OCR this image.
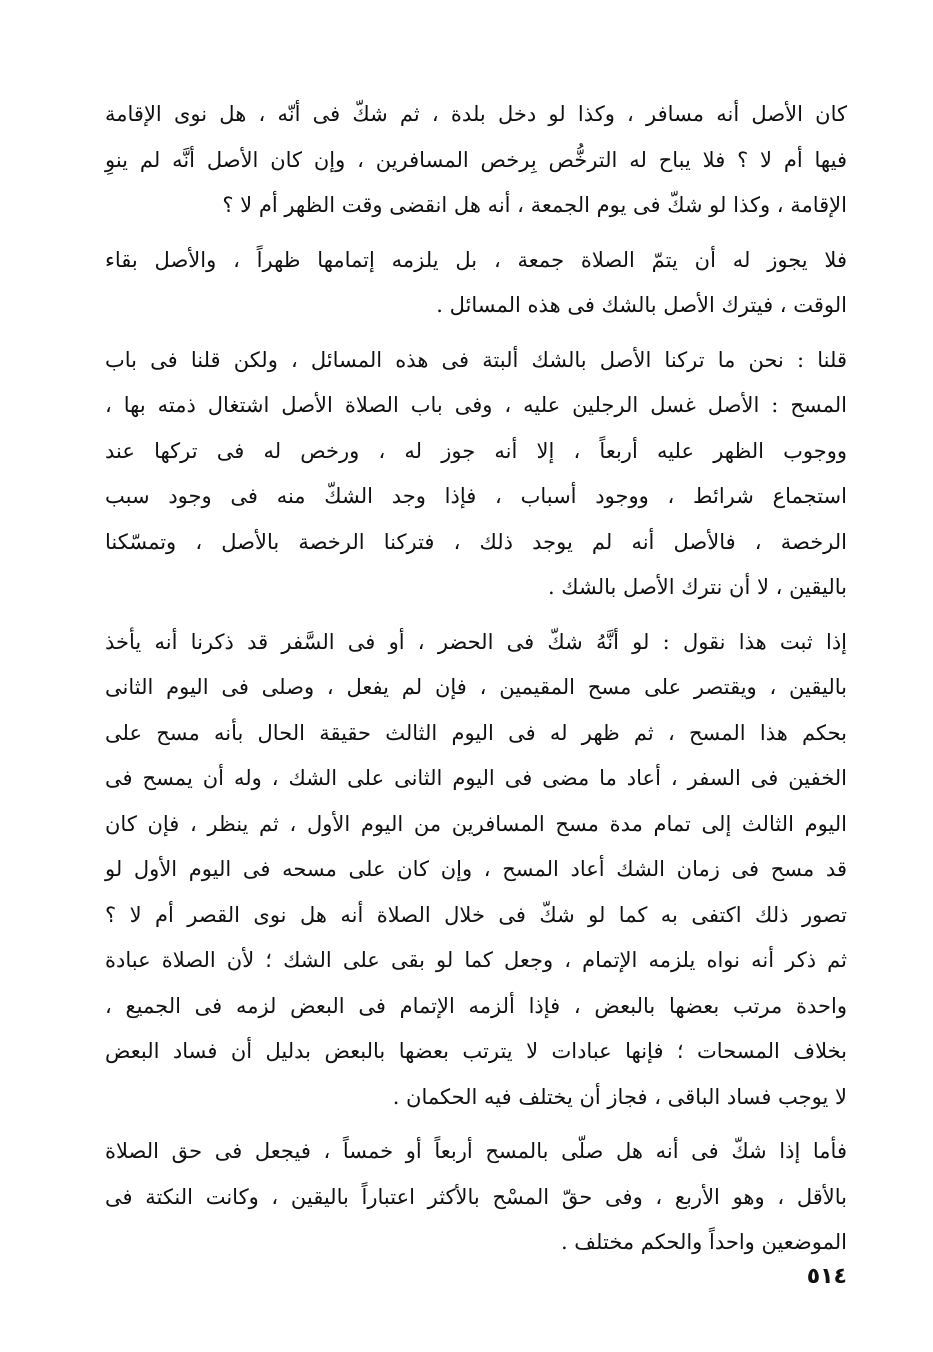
كان الأصل أنه مسافر ، وكذا لو دخل بلدة ، ثم شكّ فى أنّه ، هل نوى الإقامة
فيها أم لا ؟ فلا يباح له الترخُّص بِرخص المسافرين ، وإن كان الأصل أنَّه لم ينوِ
الإقامة ، وكذا لو شكّ فى يوم الجمعة ، أنه هل انقضى وقت الظهر أم لا ؟
فلا يجوز له أن يتمّ الصلاة جمعة ، بل يلزمه إتمامها ظهراً ، والأصل بقاء
الوقت ، فيترك الأصل بالشك فى هذه المسائل .
قلنا : نحن ما تركنا الأصل بالشك ألبتة فى هذه المسائل ، ولكن قلنا فى باب
المسح : الأصل غسل الرجلين عليه ، وفى باب الصلاة الأصل اشتغال ذمته بها ،
ووجوب الظهر عليه أربعاً ، إلا أنه جوز له ، ورخص له فى تركها عند
استجماع شرائط ، ووجود أسباب ، فإذا وجد الشكّ منه فى وجود سبب
الرخصة ، فالأصل أنه لم يوجد ذلك ، فتركنا الرخصة بالأصل ، وتمسّكنا
باليقين ، لا أن نترك الأصل بالشك .
إذا ثبت هذا نقول : لو أنَّهُ شكّ فى الحضر ، أو فى السَّفر قد ذكرنا أنه يأخذ
باليقين ، ويقتصر على مسح المقيمين ، فإن لم يفعل ، وصلى فى اليوم الثانى
بحكم هذا المسح ، ثم ظهر له فى اليوم الثالث حقيقة الحال بأنه مسح على
الخفين فى السفر ، أعاد ما مضى فى اليوم الثانى على الشك ، وله أن يمسح فى
اليوم الثالث إلى تمام مدة مسح المسافرين من اليوم الأول ، ثم ينظر ، فإن كان
قد مسح فى زمان الشك أعاد المسح ، وإن كان على مسحه فى اليوم الأول لو
تصور ذلك اكتفى به كما لو شكّ فى خلال الصلاة أنه هل نوى القصر أم لا ؟
ثم ذكر أنه نواه يلزمه الإتمام ، وجعل كما لو بقى على الشك ؛ لأن الصلاة عبادة
واحدة مرتب بعضها بالبعض ، فإذا ألزمه الإتمام فى البعض لزمه فى الجميع ،
بخلاف المسحات ؛ فإنها عبادات لا يترتب بعضها بالبعض بدليل أن فساد البعض
لا يوجب فساد الباقى ، فجاز أن يختلف فيه الحكمان .
فأما إذا شكّ فى أنه هل صلّى بالمسح أربعاً أو خمساً ، فيجعل فى حق الصلاة
بالأقل ، وهو الأربع ، وفى حقّ المسْح بالأكثر اعتباراً باليقين ، وكانت النكتة فى
الموضعين واحداً والحكم مختلف .
٥١٤
